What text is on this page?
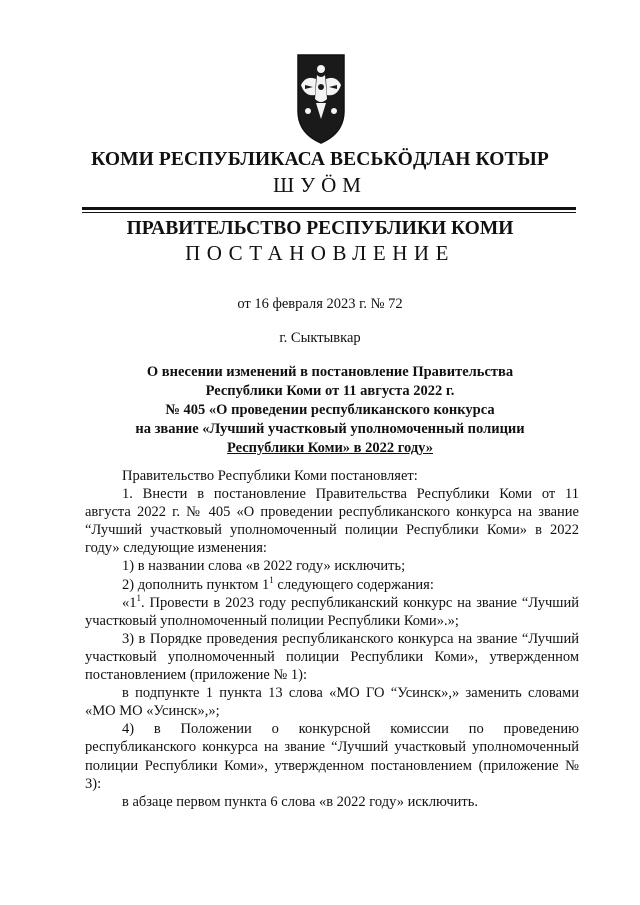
КОМИ РЕСПУБЛИКАСА ВЕСЬКӦДЛАН КОТЫР
ШУӦМ
ПРАВИТЕЛЬСТВО РЕСПУБЛИКИ КОМИ
ПОСТАНОВЛЕНИЕ
от 16 февраля 2023 г. № 72
г. Сыктывкар
О внесении изменений в постановление Правительства
Республики Коми от 11 августа 2022 г.
№ 405 «О проведении республиканского конкурса
на звание «Лучший участковый уполномоченный полиции
Республики Коми» в 2022 году»

Правительство Республики Коми постановляет:

1. Внести в постановление Правительства Республики Коми от 11 августа 2022 г. № 405 «О проведении республиканского конкурса на звание “Лучший участковый уполномоченный полиции Республики Коми» в 2022 году» следующие изменения:

1) в названии слова «в 2022 году» исключить;

2) дополнить пунктом $1^1$ следующего содержания:

«$1^1$. Провести в 2023 году республиканский конкурс на звание “Лучший участковый уполномоченный полиции Республики Коми».»;

3) в Порядке проведения республиканского конкурса на звание “Лучший участковый уполномоченный полиции Республики Коми», утвержденном постановлением (приложение № 1):

в подпункте 1 пункта 13 слова «МО ГО “Усинск»,» заменить словами «МО МО «Усинск»,»;

4) в Положении о конкурсной комиссии по проведению республиканского конкурса на звание “Лучший участковый уполномоченный полиции Республики Коми», утвержденном постановлением (приложение № 3):

в абзаце первом пункта 6 слова «в 2022 году» исключить.
